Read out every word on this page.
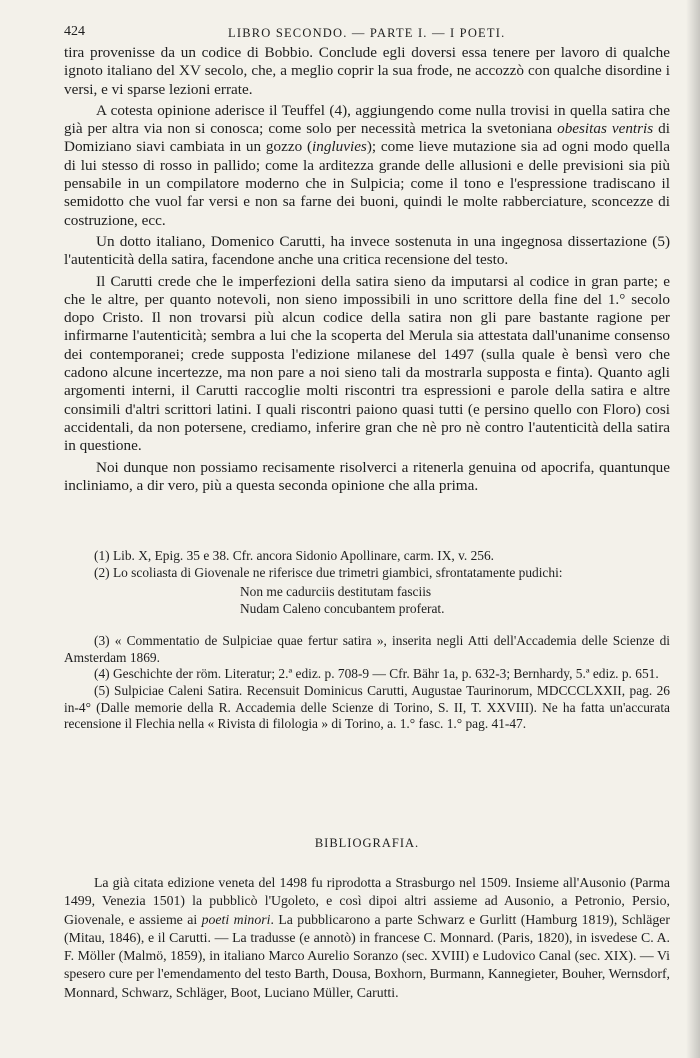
424	LIBRO SECONDO. — PARTE I. — I POETI.

tira provenisse da un codice di Bobbio. Conclude egli doversi essa tenere per lavoro di qualche ignoto italiano del XV secolo, che, a meglio coprir la sua frode, ne accozzò con qualche disordine i versi, e vi sparse lezioni errate.

A cotesta opinione aderisce il Teuffel (4), aggiungendo come nulla trovisi in quella satira che già per altra via non si conosca; come solo per necessità metrica la svetoniana obesitas ventris di Domiziano siavi cambiata in un gozzo (ingluvies); come lieve mutazione sia ad ogni modo quella di lui stesso di rosso in pallido; come la arditezza grande delle allusioni e delle previsioni sia più pensabile in un compilatore moderno che in Sulpicia; come il tono e l'espressione tradiscano il semidotto che vuol far versi e non sa farne dei buoni, quindi le molte rabberciature, sconcezze di costruzione, ecc.

Un dotto italiano, Domenico Carutti, ha invece sostenuta in una ingegnosa dissertazione (5) l'autenticità della satira, facendone anche una critica recensione del testo.

Il Carutti crede che le imperfezioni della satira sieno da imputarsi al codice in gran parte; e che le altre, per quanto notevoli, non sieno impossibili in uno scrittore della fine del 1.° secolo dopo Cristo. Il non trovarsi più alcun codice della satira non gli pare bastante ragione per infirmarne l'autenticità; sembra a lui che la scoperta del Merula sia attestata dall'unanime consenso dei contemporanei; crede supposta l'edizione milanese del 1497 (sulla quale è bensì vero che cadono alcune incertezze, ma non pare a noi sieno tali da mostrarla supposta e finta). Quanto agli argomenti interni, il Carutti raccoglie molti riscontri tra espressioni e parole della satira e altre consimili d'altri scrittori latini. I quali riscontri paiono quasi tutti (e persino quello con Floro) cosi accidentali, da non potersene, crediamo, inferire gran che nè pro nè contro l'autenticità della satira in questione.

Noi dunque non possiamo recisamente risolverci a ritenerla genuina od apocrifa, quantunque incliniamo, a dir vero, più a questa seconda opinione che alla prima.

(1) Lib. X, Epig. 35 e 38. Cfr. ancora Sidonio Apollinare, carm. IX, v. 256.

(2) Lo scoliasta di Giovenale ne riferisce due trimetri giambici, sfrontatamente pudichi:

Non me cadurciis destitutam fasciis
Nudam Caleno concubantem proferat.

(3) « Commentatio de Sulpiciae quae fertur satira », inserita negli Atti dell'Accademia delle Scienze di Amsterdam 1869.

(4) Geschichte der röm. Literatur; 2.ª ediz. p. 708-9 — Cfr. Bähr 1a, p. 632-3; Bernhardy, 5.ª ediz. p. 651.

(5) Sulpiciae Caleni Satira. Recensuit Dominicus Carutti, Augustae Taurinorum, MDCCCLXXII, pag. 26 in-4° (Dalle memorie della R. Accademia delle Scienze di Torino, S. II, T. XXVIII). Ne ha fatta un'accurata recensione il Flechia nella « Rivista di filologia » di Torino, a. 1.° fasc. 1.° pag. 41-47.

BIBLIOGRAFIA.

La già citata edizione veneta del 1498 fu riprodotta a Strasburgo nel 1509. Insieme all'Ausonio (Parma 1499, Venezia 1501) la pubblicò l'Ugoleto, e così dipoi altri assieme ad Ausonio, a Petronio, Persio, Giovenale, e assieme ai poeti minori. La pubblicarono a parte Schwarz e Gurlitt (Hamburg 1819), Schläger (Mitau, 1846), e il Carutti. — La tradusse (e annotò) in francese C. Monnard. (Paris, 1820), in isvedese C. A. F. Möller (Malmö, 1859), in italiano Marco Aurelio Soranzo (sec. XVIII) e Ludovico Canal (sec. XIX). — Vi spesero cure per l'emendamento del testo Barth, Dousa, Boxhorn, Burmann, Kannegieter, Bouher, Wernsdorf, Monnard, Schwarz, Schläger, Boot, Luciano Müller, Carutti.
